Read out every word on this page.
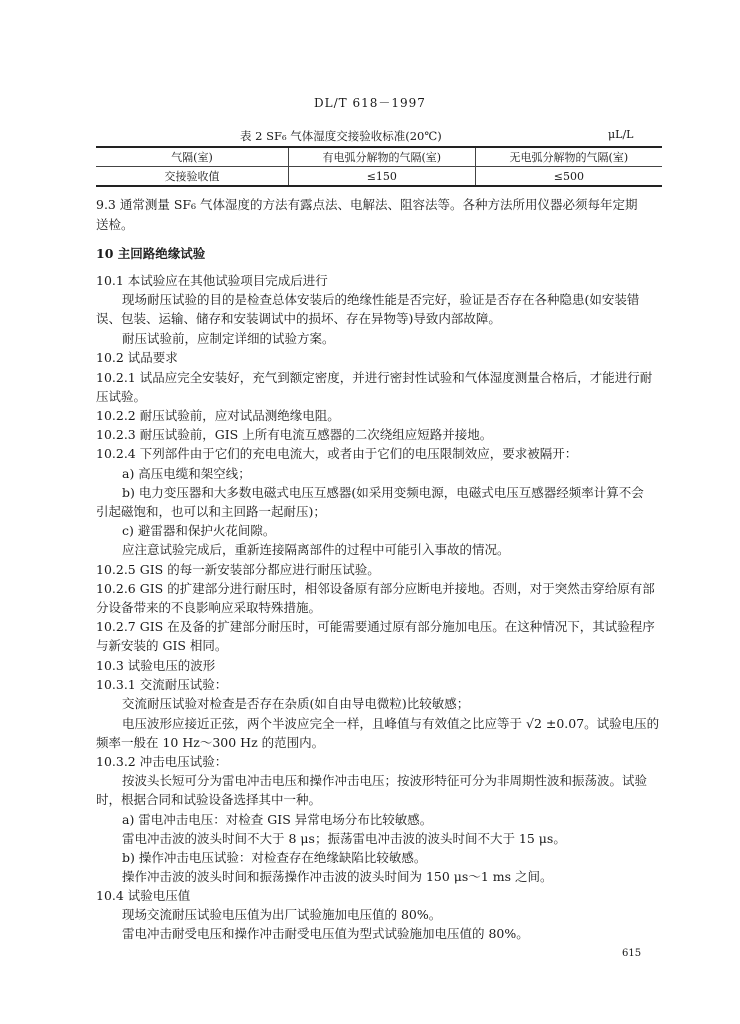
DL/T 618－1997
表 2 SF₆ 气体湿度交接验收标准(20℃)	μL/L
气隔(室)	有电弧分解物的气隔(室)	无电弧分解物的气隔(室)
交接验收值	≤150	≤500
9.3 通常测量 SF₆ 气体湿度的方法有露点法、电解法、阻容法等。各种方法所用仪器必须每年定期
送检。
10 主回路绝缘试验
10.1 本试验应在其他试验项目完成后进行
现场耐压试验的目的是检查总体安装后的绝缘性能是否完好，验证是否存在各种隐患(如安装错
误、包装、运输、储存和安装调试中的损坏、存在异物等)导致内部故障。
耐压试验前，应制定详细的试验方案。
10.2 试品要求
10.2.1 试品应完全安装好，充气到额定密度，并进行密封性试验和气体湿度测量合格后，才能进行耐
压试验。
10.2.2 耐压试验前，应对试品测绝缘电阻。
10.2.3 耐压试验前，GIS 上所有电流互感器的二次绕组应短路并接地。
10.2.4 下列部件由于它们的充电电流大，或者由于它们的电压限制效应，要求被隔开：
a) 高压电缆和架空线；
b) 电力变压器和大多数电磁式电压互感器(如采用变频电源，电磁式电压互感器经频率计算不会
引起磁饱和，也可以和主回路一起耐压)；
c) 避雷器和保护火花间隙。
应注意试验完成后，重新连接隔离部件的过程中可能引入事故的情况。
10.2.5 GIS 的每一新安装部分都应进行耐压试验。
10.2.6 GIS 的扩建部分进行耐压时，相邻设备原有部分应断电并接地。否则，对于突然击穿给原有部
分设备带来的不良影响应采取特殊措施。
10.2.7 GIS 在及备的扩建部分耐压时，可能需要通过原有部分施加电压。在这种情况下，其试验程序
与新安装的 GIS 相同。
10.3 试验电压的波形
10.3.1 交流耐压试验：
交流耐压试验对检查是否存在杂质(如自由导电微粒)比较敏感；
电压波形应接近正弦，两个半波应完全一样，且峰值与有效值之比应等于 √2 ±0.07。试验电压的
频率一般在 10 Hz～300 Hz 的范围内。
10.3.2 冲击电压试验：
按波头长短可分为雷电冲击电压和操作冲击电压；按波形特征可分为非周期性波和振荡波。试验
时，根据合同和试验设备选择其中一种。
a) 雷电冲击电压：对检查 GIS 异常电场分布比较敏感。
雷电冲击波的波头时间不大于 8 μs；振荡雷电冲击波的波头时间不大于 15 μs。
b) 操作冲击电压试验：对检查存在绝缘缺陷比较敏感。
操作冲击波的波头时间和振荡操作冲击波的波头时间为 150 μs～1 ms 之间。
10.4 试验电压值
现场交流耐压试验电压值为出厂试验施加电压值的 80%。
雷电冲击耐受电压和操作冲击耐受电压值为型式试验施加电压值的 80%。
615
